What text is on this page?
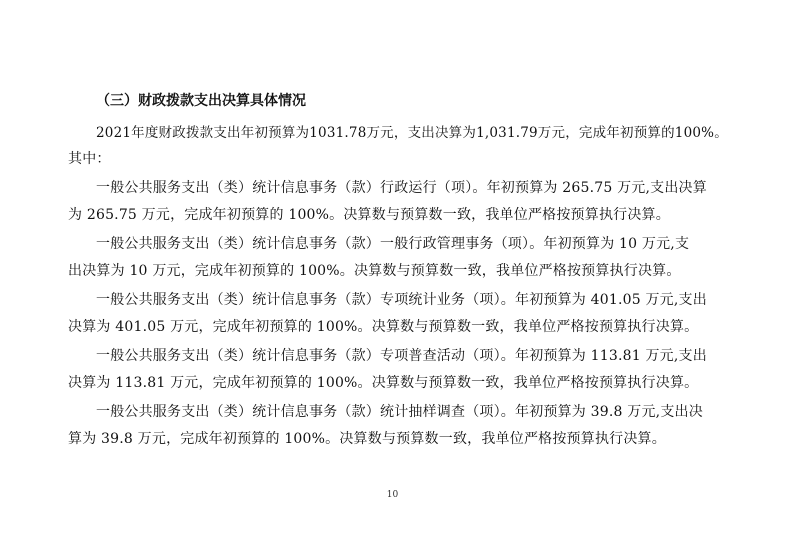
（三）财政拨款支出决算具体情况
2021年度财政拨款支出年初预算为1031.78万元，支出决算为1,031.79万元，完成年初预算的100%。
其中：
一般公共服务支出（类）统计信息事务（款）行政运行（项）。年初预算为 265.75 万元,支出决算
为 265.75 万元，完成年初预算的 100%。决算数与预算数一致，我单位严格按预算执行决算。
一般公共服务支出（类）统计信息事务（款）一般行政管理事务（项）。年初预算为 10 万元,支
出决算为 10 万元，完成年初预算的 100%。决算数与预算数一致，我单位严格按预算执行决算。
一般公共服务支出（类）统计信息事务（款）专项统计业务（项）。年初预算为 401.05 万元,支出
决算为 401.05 万元，完成年初预算的 100%。决算数与预算数一致，我单位严格按预算执行决算。
一般公共服务支出（类）统计信息事务（款）专项普查活动（项）。年初预算为 113.81 万元,支出
决算为 113.81 万元，完成年初预算的 100%。决算数与预算数一致，我单位严格按预算执行决算。
一般公共服务支出（类）统计信息事务（款）统计抽样调查（项）。年初预算为 39.8 万元,支出决
算为 39.8 万元，完成年初预算的 100%。决算数与预算数一致，我单位严格按预算执行决算。
10
